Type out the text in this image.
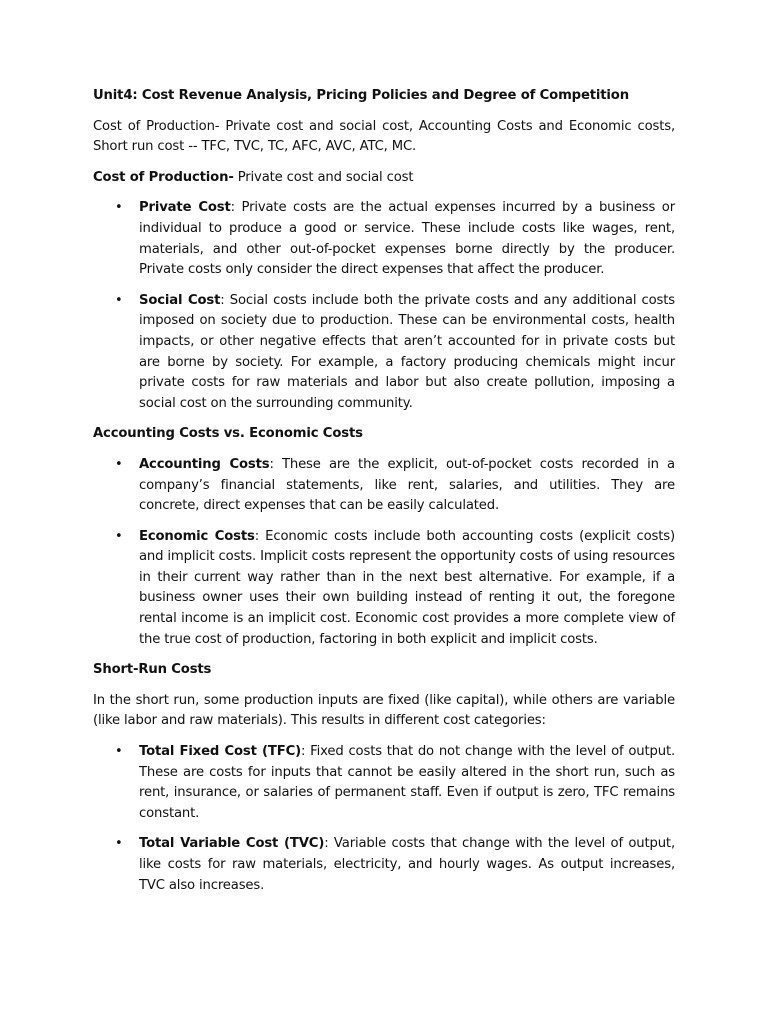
Unit4: Cost Revenue Analysis, Pricing Policies and Degree of Competition

Cost of Production- Private cost and social cost, Accounting Costs and Economic costs, Short run cost -- TFC, TVC, TC, AFC, AVC, ATC, MC.

Cost of Production- Private cost and social cost

• Private Cost: Private costs are the actual expenses incurred by a business or individual to produce a good or service. These include costs like wages, rent, materials, and other out-of-pocket expenses borne directly by the producer. Private costs only consider the direct expenses that affect the producer.
• Social Cost: Social costs include both the private costs and any additional costs imposed on society due to production. These can be environmental costs, health impacts, or other negative effects that aren’t accounted for in private costs but are borne by society. For example, a factory producing chemicals might incur private costs for raw materials and labor but also create pollution, imposing a social cost on the surrounding community.
Accounting Costs vs. Economic Costs
• Accounting Costs: These are the explicit, out-of-pocket costs recorded in a company’s financial statements, like rent, salaries, and utilities. They are concrete, direct expenses that can be easily calculated.
• Economic Costs: Economic costs include both accounting costs (explicit costs) and implicit costs. Implicit costs represent the opportunity costs of using resources in their current way rather than in the next best alternative. For example, if a business owner uses their own building instead of renting it out, the foregone rental income is an implicit cost. Economic cost provides a more complete view of the true cost of production, factoring in both explicit and implicit costs.
Short-Run Costs

In the short run, some production inputs are fixed (like capital), while others are variable (like labor and raw materials). This results in different cost categories:

• Total Fixed Cost (TFC): Fixed costs that do not change with the level of output. These are costs for inputs that cannot be easily altered in the short run, such as rent, insurance, or salaries of permanent staff. Even if output is zero, TFC remains constant.
• Total Variable Cost (TVC): Variable costs that change with the level of output, like costs for raw materials, electricity, and hourly wages. As output increases, TVC also increases.
